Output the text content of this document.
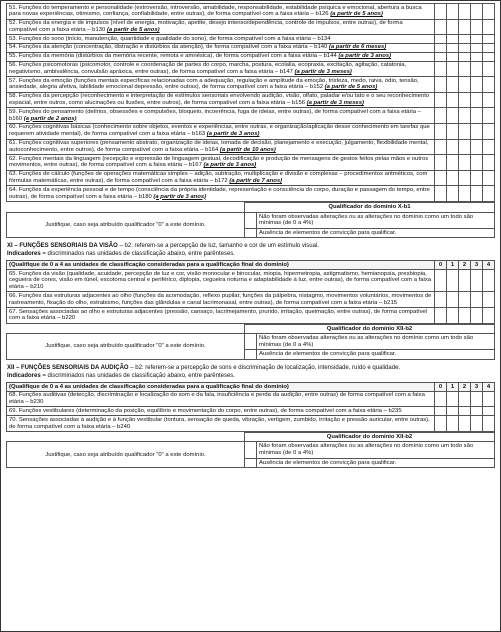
51. Funções do temperamento e personalidade (extroversão, introversão, amabilidade, responsabilidade, estabilidade psíquica e emocional, abertura a busca para novas experiências, otimismo, confiança, confiabilidade, entre outras), de forma compatível com a faixa etária – b126 (a partir de 5 anos)					
52. Funções da energia e de impulsos (nível de energia, motivação, apetite, desejo intenso/dependência, controle de impulsos, entre outras), de forma compatível com a faixa etária – b130 (a partir de 5 anos)					
53. Funções do sono (início, manutenção, quantidade e qualidade do sono), de forma compatível com a faixa etária – b134					
54. Funções da atenção (concentração, distração e distúrbios da atenção), de forma compatível com a faixa etária – b140 (a partir de 6 meses)					
55. Funções da memória (distúrbios da memória recente, remota e amnésica), de forma compatível com a faixa etária – b144 (a partir de 3 anos)					
56. Funções psicomotoras (psicomotor, controle e coordenação de partes do corpo, marcha, postura, ecolalia, ecopraxia, excitação, agitação, catatonia, negativismo, ambivalência, convulsão apráxica, entre outras), de forma compatível com a faixa etária – b147 (a partir de 3 meses)					
57. Funções da emoção (funções mentais específicas relacionadas com a adequação, regulação e amplitude da emoção, tristeza, medo, raiva, ódio, tensão, ansiedade, alegria afetiva, labilidade emocional depressão, entre outras), de forma compatível com a faixa etária – b152 (a partir de 5 anos)					
58. Funções da percepção (reconhecimento e interpretação de estímulos sensoriais envolvendo audição, visão, olfato, paladar e/ou tato e o seu reconhecimento espacial, entre outros, como alucinações ou ilusões, entre outros), de forma compatível com a faixa etária – b156 (a partir de 3 meses)					
59. Funções do pensamento (delírios, obsessões e compulsões, bloqueio, incoerência, fuga de ideias, entre outras), de forma compatível com a faixa etária – b160 (a partir de 2 anos)					
60. Funções cognitivas básicas (conhecimento sobre objetos, eventos e experiências, entre outras, e organização/aplicação desse conhecimento em tarefas que requerem atividade mental), de forma compatível com a faixa etária – b163 (a partir de 3 anos)					
61. Funções cognitivas superiores (pensamento abstrato, organização de ideias, tomada de decisão, planejamento e execução, julgamento, flexibilidade mental, autoconhecimento, entre outros), de forma compatível com a faixa etária – b164 (a partir de 10 anos)					
62. Funções mentais da linguagem (recepção e expressão de linguagem gestual, decodificação e produção de mensagens de gestos feitos pelas mãos e outros movimentos, entre outras), de forma compatível com a faixa etária – b167 (a partir de 3 anos)					
63. Funções de cálculo (funções de operações matemáticas simples – adição, subtração, multiplicação e divisão e complexas – procedimentos aritméticos, com fórmulas matemáticas, entre outras), de forma compatível com a faixa etária – b172 (a partir de 7 anos)					
64. Funções da experiência pessoal e de tempo (consciência da própria identidade, representação e consciência do corpo, duração e passagem do tempo, entre outras), de forma compatível com a faixa etária – b180 (a partir de 3 anos)					
	Qualificador do domínio X-b1	
Justifique, caso seja atribuído qualificador "0" a este domínio.		Não foram observadas alterações ou as alterações no domínio como um todo são mínimas (de 0 a 4%)
		Ausência de elementos de convicção para qualificar.
XI – FUNÇÕES SENSORIAIS DA VISÃO – b2: referem-se a percepção de luz, tamanho e cor de um estímulo visual.
Indicadores = discriminados nas unidades de classificação abaixo, entre parênteses.
(Qualifique de 0 a 4 as unidades de classificação consideradas para a qualificação final do domínio)	0	1	2	3	4
65. Funções da visão (qualidade, acuidade, percepção de luz e cor, visão monocular e binocular, miopia, hipermetropia, astigmatismo, hemianopsia, presbiopia, cegueira de cores, visão em túnel, escotoma central e periférico, diplopia, cegueira noturna e adaptabilidade à luz, entre outras), de forma compatível com a faixa etária – b210					
66. Funções das estruturas adjacentes ao olho (funções da acomodação, reflexo pupilar, funções da pálpebra, nistagmo, movimentos voluntários, movimentos de rastreamento, fixação do olho, estrabismo, funções das glândulas e canal lacrimonasal, entre outras), de forma compatível com a faixa etária – b215					
67. Sensações associadas ao olho e estruturas adjacentes (pressão, cansaço, lacrimejamento, prurido, irritação, queimação, entre outras), de forma compatível com a faixa etária – b220					
	Qualificador do domínio XII-b2	
Justifique, caso seja atribuído qualificador "0" a este domínio.		Não foram observadas alterações ou as alterações no domínio como um todo são mínimas (de 0 a 4%)
		Ausência de elementos de convicção para qualificar.
XII – FUNÇÕES SENSORIAIS DA AUDIÇÃO – b2: referem-se a percepção de sons e discriminação de localização, intensidade, ruído e qualidade.
Indicadores = discriminados nas unidades de classificação abaixo, entre parênteses.
(Qualifique de 0 a 4 as unidades de classificação consideradas para a qualificação final do domínio)	0	1	2	3	4
68. Funções auditivas (detecção, discriminação e localização do som e da fala, insuficiência e perda da audição, entre outras) de forma compatível com a faixa etária – b230					
69. Funções vestibulares (determinação da posição, equilíbrio e movimentação do corpo, entre outras), de forma compatível com a faixa etária – b235					
70. Sensações associadas à audição e à função vestibular (tontura, sensação de queda, vibração, vertigem, zumbido, irritação e pressão auricular, entre outras), de forma compatível com a faixa etária – b240					
	Qualificador do domínio XII-b2	
Justifique, caso seja atribuído qualificador "0" a este domínio.		Não foram observadas alterações ou as alterações no domínio como um todo são mínimas (de 0 a 4%)
		Ausência de elementos de convicção para qualificar.
